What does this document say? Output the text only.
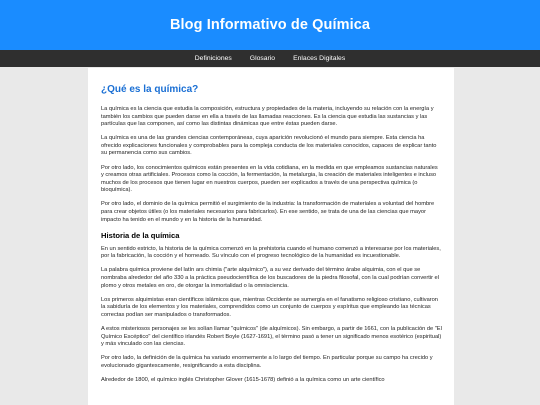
Blog Informativo de Química
Definiciones	Glosario	Enlaces Digitales
¿Qué es la química?

La química es la ciencia que estudia la composición, estructura y propiedades de la materia, incluyendo su relación con la energía y también los cambios que pueden darse en ella a través de las llamadas reacciones. Es la ciencia que estudia las sustancias y las partículas que las componen, así como las distintas dinámicas que entre éstas pueden darse.

La química es una de las grandes ciencias contemporáneas, cuya aparición revolucionó el mundo para siempre. Esta ciencia ha ofrecido explicaciones funcionales y comprobables para la compleja conducta de los materiales conocidos, capaces de explicar tanto su permanencia como sus cambios.

Por otro lado, los conocimientos químicos están presentes en la vida cotidiana, en la medida en que empleamos sustancias naturales y creamos otras artificiales. Procesos como la cocción, la fermentación, la metalurgia, la creación de materiales inteligentes e incluso muchos de los procesos que tienen lugar en nuestros cuerpos, pueden ser explicados a través de una perspectiva química (o bioquímica).

Por otro lado, el dominio de la química permitió el surgimiento de la industria: la transformación de materiales a voluntad del hombre para crear objetos útiles (o los materiales necesarios para fabricarlos). En ese sentido, se trata de una de las ciencias que mayor impacto ha tenido en el mundo y en la historia de la humanidad.

Historia de la química

En un sentido estricto, la historia de la química comenzó en la prehistoria cuando el humano comenzó a interesarse por los materiales, por la fabricación, la cocción y el horneado. Su vínculo con el progreso tecnológico de la humanidad es incuestionable.

La palabra química proviene del latín ars chimia ("arte alquímico"), a su vez derivado del término árabe alquimia, con el que se nombraba alrededor del año 330 a la práctica pseudocientífica de los buscadores de la piedra filosofal, con la cual podrían convertir el plomo y otros metales en oro, de otorgar la inmortalidad o la omnisciencia.

Los primeros alquimistas eran científicos islámicos que, mientras Occidente se sumergía en el fanatismo religioso cristiano, cultivaron la sabiduría de los elementos y los materiales, comprendidos como un conjunto de cuerpos y espíritus que empleando las técnicas correctas podían ser manipulados o transformados.

A estos misteriosos personajes se les solían llamar "químicos" (de alquímicos). Sin embargo, a partir de 1661, con la publicación de "El Químico Escéptico" del científico irlandés Robert Boyle (1627-1691), el término pasó a tener un significado menos esotérico (espiritual) y más vinculado con las ciencias.

Por otro lado, la definición de la química ha variado enormemente a lo largo del tiempo. En particular porque su campo ha crecido y evolucionado gigantescamente, resignificando a esta disciplina.

Alrededor de 1800, el químico inglés Christopher Glover (1615-1678) definió a la química como un arte científico
